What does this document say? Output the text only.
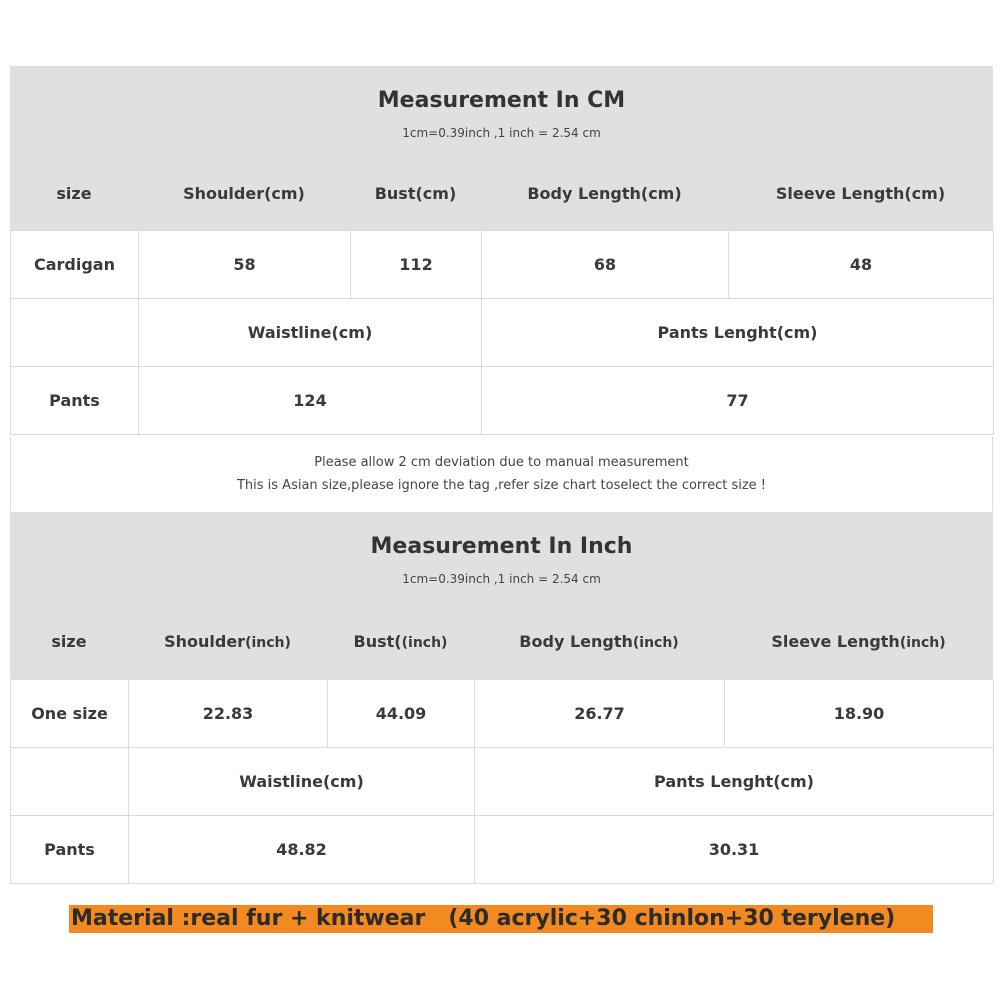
Measurement In CM
1cm=0.39inch ,1 inch = 2.54 cm
size	Shoulder(cm)	Bust(cm)	Body Length(cm)	Sleeve Length(cm)
Cardigan	58	112	68	48
	Waistline(cm)		Pants Lenght(cm)	
Pants	124		77	
Please allow 2 cm deviation due to manual measurement
This is Asian size,please ignore the tag ,refer size chart toselect the correct size !
Measurement In Inch
1cm=0.39inch ,1 inch = 2.54 cm
size	Shoulder(inch)	Bust((inch)	Body Length(inch)	Sleeve Length(inch)
One size	22.83	44.09	26.77	18.90
	Waistline(cm)		Pants Lenght(cm)	
Pants	48.82		30.31	
Material :real fur + knitwear   (40 acrylic+30 chinlon+30 terylene)
